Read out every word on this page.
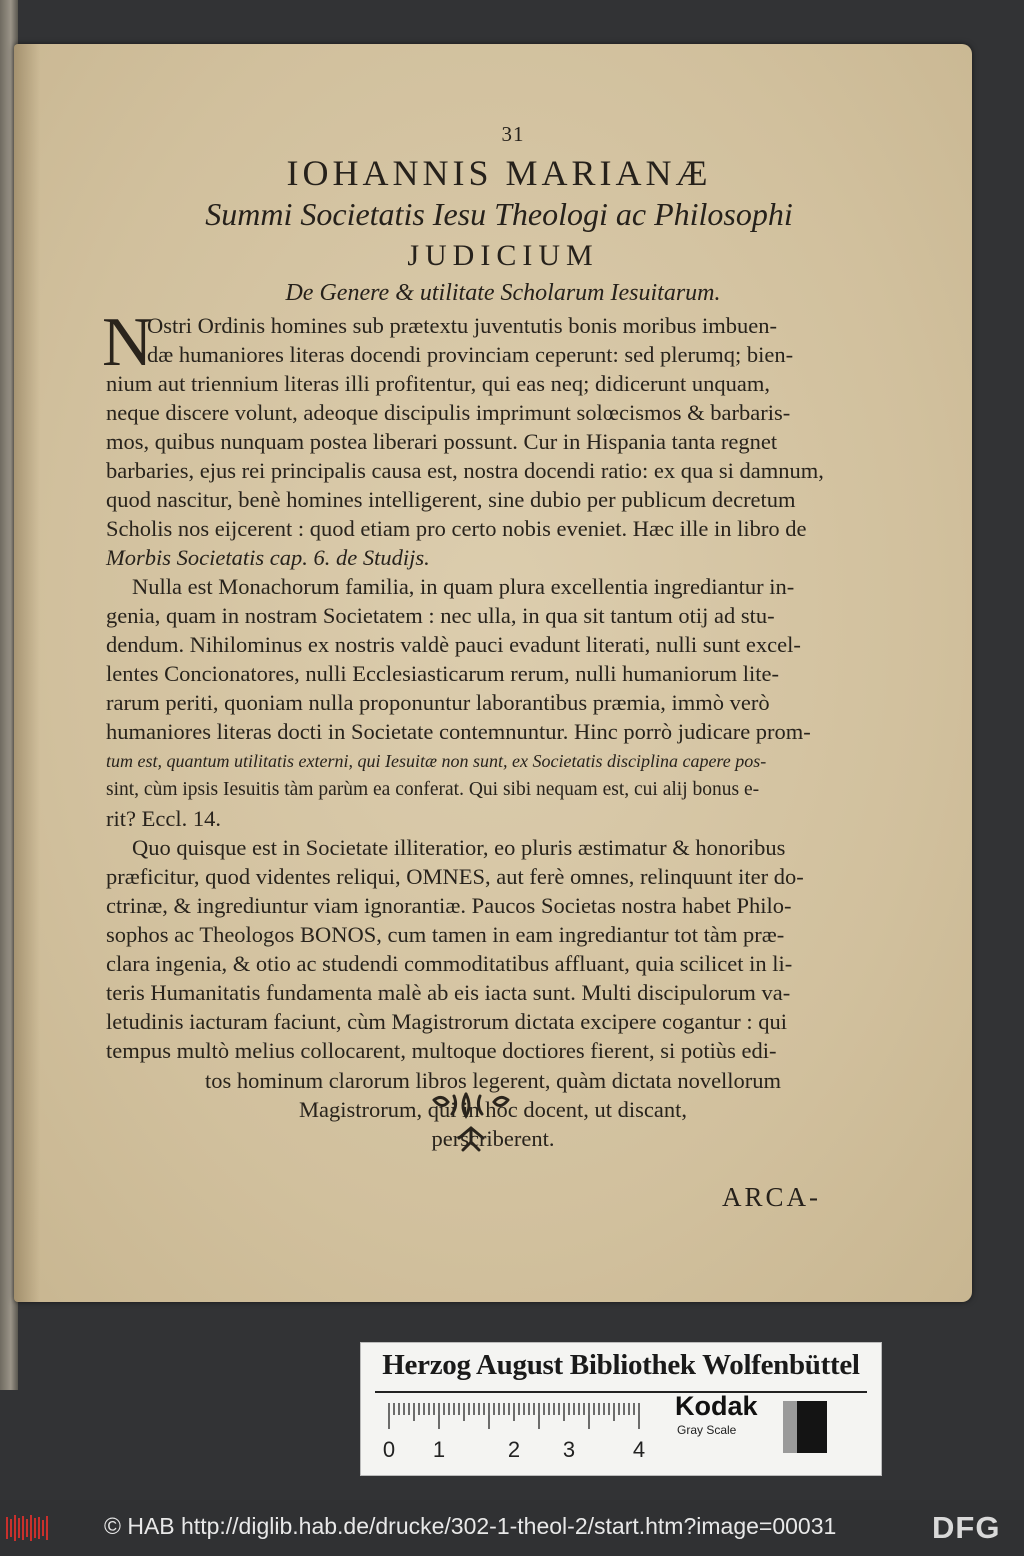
31
IOHANNIS MARIANÆ
Summi Societatis Iesu Theologi ac Philosophi
JUDICIUM
De Genere & utilitate Scholarum Iesuitarum.
N
Ostri Ordinis homines sub prætextu juventutis bonis moribus imbuen-
dæ humaniores literas docendi provinciam ceperunt: sed plerumq; bien-
nium aut triennium literas illi profitentur, qui eas neq; didicerunt unquam,
neque discere volunt, adeoque discipulis imprimunt solœcismos & barbaris-
mos, quibus nunquam postea liberari possunt. Cur in Hispania tanta regnet
barbaries, ejus rei principalis causa est, nostra docendi ratio: ex qua si damnum,
quod nascitur, benè homines intelligerent, sine dubio per publicum decretum
Scholis nos eijcerent : quod etiam pro certo nobis eveniet. Hæc ille in libro de
Morbis Societatis cap. 6. de Studijs.
Nulla est Monachorum familia, in quam plura excellentia ingrediantur in-
genia, quam in nostram Societatem : nec ulla, in qua sit tantum otij ad stu-
dendum. Nihilominus ex nostris valdè pauci evadunt literati, nulli sunt excel-
lentes Concionatores, nulli Ecclesiasticarum rerum, nulli humaniorum lite-
rarum periti, quoniam nulla proponuntur laborantibus præmia, immò verò
humaniores literas docti in Societate contemnuntur. Hinc porrò judicare prom-
tum est, quantum utilitatis externi, qui Iesuitæ non sunt, ex Societatis disciplina capere pos-
sint, cùm ipsis Iesuitis tàm parùm ea conferat. Qui sibi nequam est, cui alij bonus e-
rit? Eccl. 14.
Quo quisque est in Societate illiteratior, eo pluris æstimatur & honoribus
præficitur, quod videntes reliqui, OMNES, aut ferè omnes, relinquunt iter do-
ctrinæ, & ingrediuntur viam ignorantiæ. Paucos Societas nostra habet Philo-
sophos ac Theologos BONOS, cum tamen in eam ingrediantur tot tàm præ-
clara ingenia, & otio ac studendi commoditatibus affluant, quia scilicet in li-
teris Humanitatis fundamenta malè ab eis iacta sunt. Multi discipulorum va-
letudinis iacturam faciunt, cùm Magistrorum dictata excipere cogantur : qui
tempus multò melius collocarent, multoque doctiores fierent, si potiùs edi-
tos hominum clarorum libros legerent, quàm dictata novellorum
Magistrorum, qui in hoc docent, ut discant,
perscriberent.
ARCA-
Herzog August Bibliothek Wolfenbüttel
0 1	2 3	4
Kodak
Gray Scale
© HAB http://diglib.hab.de/drucke/302-1-theol-2/start.htm?image=00031	DFG
